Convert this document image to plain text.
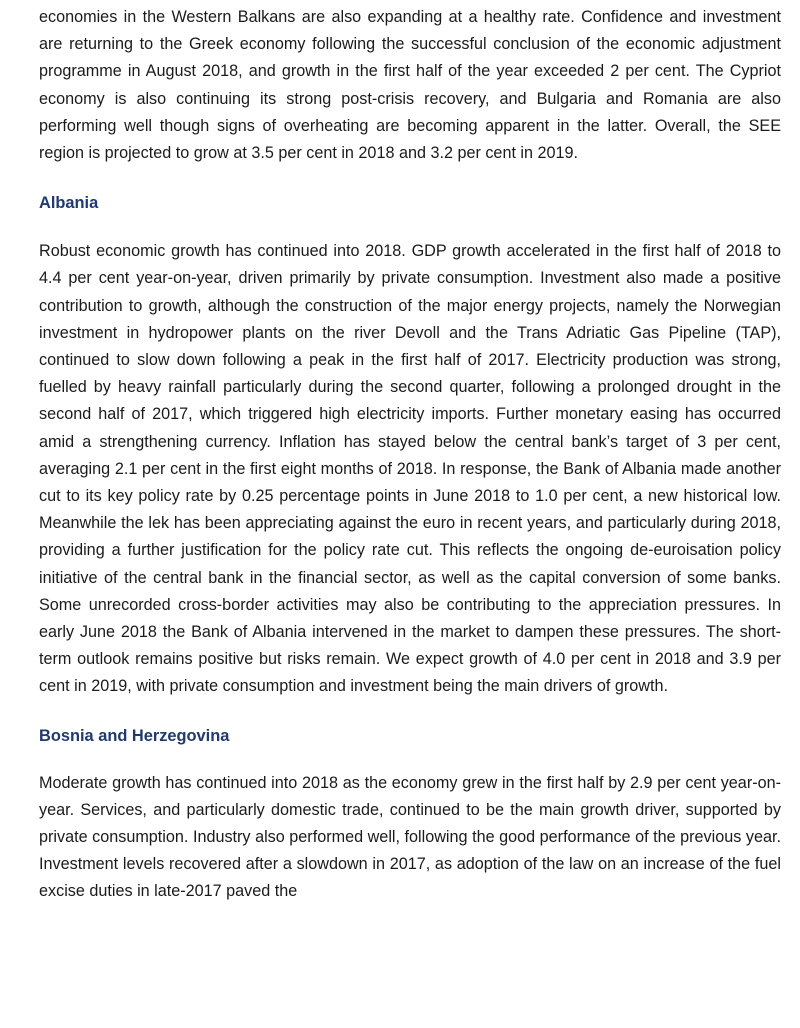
economies in the Western Balkans are also expanding at a healthy rate. Confidence and investment are returning to the Greek economy following the successful conclusion of the economic adjustment programme in August 2018, and growth in the first half of the year exceeded 2 per cent. The Cypriot economy is also continuing its strong post-crisis recovery, and Bulgaria and Romania are also performing well though signs of overheating are becoming apparent in the latter. Overall, the SEE region is projected to grow at 3.5 per cent in 2018 and 3.2 per cent in 2019.

Albania

Robust economic growth has continued into 2018. GDP growth accelerated in the first half of 2018 to 4.4 per cent year-on-year, driven primarily by private consumption. Investment also made a positive contribution to growth, although the construction of the major energy projects, namely the Norwegian investment in hydropower plants on the river Devoll and the Trans Adriatic Gas Pipeline (TAP), continued to slow down following a peak in the first half of 2017. Electricity production was strong, fuelled by heavy rainfall particularly during the second quarter, following a prolonged drought in the second half of 2017, which triggered high electricity imports. Further monetary easing has occurred amid a strengthening currency. Inflation has stayed below the central bank’s target of 3 per cent, averaging 2.1 per cent in the first eight months of 2018. In response, the Bank of Albania made another cut to its key policy rate by 0.25 percentage points in June 2018 to 1.0 per cent, a new historical low. Meanwhile the lek has been appreciating against the euro in recent years, and particularly during 2018, providing a further justification for the policy rate cut. This reflects the ongoing de-euroisation policy initiative of the central bank in the financial sector, as well as the capital conversion of some banks. Some unrecorded cross-border activities may also be contributing to the appreciation pressures. In early June 2018 the Bank of Albania intervened in the market to dampen these pressures. The short-term outlook remains positive but risks remain. We expect growth of 4.0 per cent in 2018 and 3.9 per cent in 2019, with private consumption and investment being the main drivers of growth.

Bosnia and Herzegovina

Moderate growth has continued into 2018 as the economy grew in the first half by 2.9 per cent year-on-year. Services, and particularly domestic trade, continued to be the main growth driver, supported by private consumption. Industry also performed well, following the good performance of the previous year. Investment levels recovered after a slowdown in 2017, as adoption of the law on an increase of the fuel excise duties in late-2017 paved the
